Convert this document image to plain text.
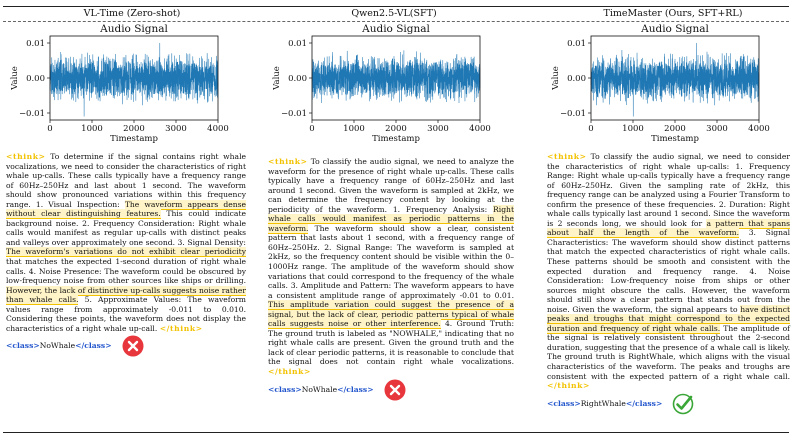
VL-Time (Zero-shot)
Audio Signal
0	1000 2000 3000 4000
0.01
0.00
−0.01
Timestamp
Value
<think> To determine if the signal contains right whale vocalizations, we need to consider the characteristics of right whale up-calls. These calls typically have a frequency range of 60Hz–250Hz and last about 1 second. The waveform should show pronounced variations within this frequency range. 1. Visual Inspection: The waveform appears dense without clear distinguishing features. This could indicate background noise. 2. Frequency Consideration: Right whale calls would manifest as regular up-calls with distinct peaks and valleys over approximately one second. 3. Signal Density: The waveform's variations do not exhibit clear periodicity that matches the expected 1-second duration of right whale calls. 4. Noise Presence: The waveform could be obscured by low-frequency noise from other sources like ships or drilling. However, the lack of distinctive up-calls suggests noise rather than whale calls. 5. Approximate Values: The waveform values range from approximately -0.011 to 0.010. Considering these points, the waveform does not display the characteristics of a right whale up-call. </think>
<class>NoWhale</class>
Qwen2.5-VL(SFT)
Audio Signal
0	1000 2000 3000 4000
0.01
0.00
−0.01
Timestamp
Value
<think> To classify the audio signal, we need to analyze the waveform for the presence of right whale up-calls. These calls typically have a frequency range of 60Hz–250Hz and last around 1 second. Given the waveform is sampled at 2kHz, we can determine the frequency content by looking at the periodicity of the waveform. 1. Frequency Analysis: Right whale calls would manifest as periodic patterns in the waveform. The waveform should show a clear, consistent pattern that lasts about 1 second, with a frequency range of 60Hz–250Hz. 2. Signal Range: The waveform is sampled at 2kHz, so the frequency content should be visible within the 0–1000Hz range. The amplitude of the waveform should show variations that could correspond to the frequency of the whale calls. 3. Amplitude and Pattern: The waveform appears to have a consistent amplitude range of approximately -0.01 to 0.01. This amplitude variation could suggest the presence of a signal, but the lack of clear, periodic patterns typical of whale calls suggests noise or other interference. 4. Ground Truth: The ground truth is labeled as "NOWHALE," indicating that no right whale calls are present. Given the ground truth and the lack of clear periodic patterns, it is reasonable to conclude that the signal does not contain right whale vocalizations. </think>
<class>NoWhale</class>
TimeMaster (Ours, SFT+RL)
Audio Signal
0	1000 2000 3000 4000
0.01
0.00
−0.01
Timestamp
Value
<think> To classify the audio signal, we need to consider the characteristics of right whale up-calls: 1. Frequency Range: Right whale up-calls typically have a frequency range of 60Hz–250Hz. Given the sampling rate of 2kHz, this frequency range can be analyzed using a Fourier Transform to confirm the presence of these frequencies. 2. Duration: Right whale calls typically last around 1 second. Since the waveform is 2 seconds long, we should look for a pattern that spans about half the length of the waveform. 3. Signal Characteristics: The waveform should show distinct patterns that match the expected characteristics of right whale calls. These patterns should be smooth and consistent with the expected duration and frequency range. 4. Noise Consideration: Low-frequency noise from ships or other sources might obscure the calls. However, the waveform should still show a clear pattern that stands out from the noise. Given the waveform, the signal appears to have distinct peaks and troughs that might correspond to the expected duration and frequency of right whale calls. The amplitude of the signal is relatively consistent throughout the 2-second duration, suggesting that the presence of a whale call is likely. The ground truth is RightWhale, which aligns with the visual characteristics of the waveform. The peaks and troughs are consistent with the expected pattern of a right whale call. </think>
<class>RightWhale</class>
